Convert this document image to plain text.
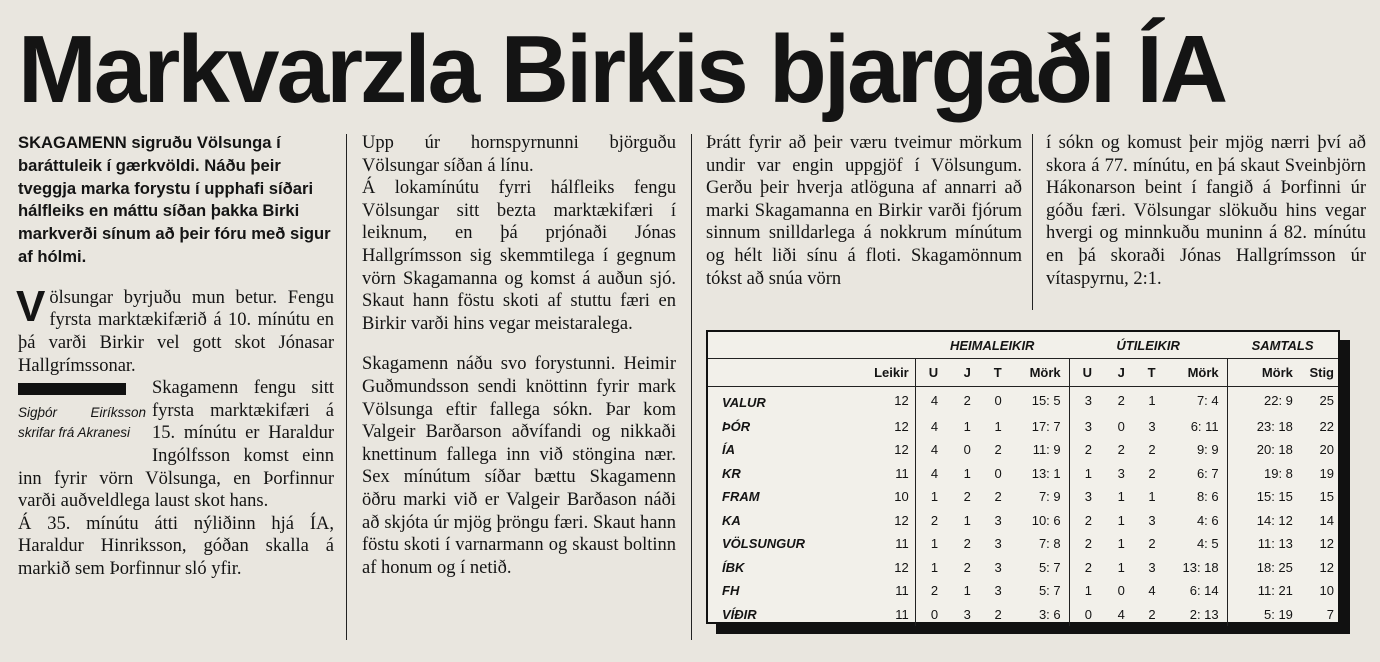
Markvarzla Birkis bjargaði ÍA

SKAGAMENN sigruðu Völsunga í baráttuleik í gærkvöldi. Náðu þeir tveggja marka forystu í upphafi síðari hálfleiks en máttu síðan þakka Birki markverði sínum að þeir fóru með sigur af hólmi.

Völsungar byrjuðu mun betur. Fengu fyrsta marktækifærið á 10. mínútu en þá varði Birkir vel gott skot Jónasar Hallgrímssonar.

Sigþór Eiríksson skrifar frá Akranesi

Skagamenn fengu sitt fyrsta marktækifæri á 15. mínútu er Haraldur Ingólfsson komst einn inn fyrir vörn Völsunga, en Þorfinnur varði auðveldlega laust skot hans.

Á 35. mínútu átti nýliðinn hjá ÍA, Haraldur Hinriksson, góðan skalla á markið sem Þorfinnur sló yfir.

Upp úr hornspyrnunni björguðu Völsungar síðan á línu.

Á lokamínútu fyrri hálfleiks fengu Völsungar sitt bezta marktækifæri í leiknum, en þá prjónaði Jónas Hallgrímsson sig skemmtilega í gegnum vörn Skagamanna og komst á auðun sjó. Skaut hann föstu skoti af stuttu færi en Birkir varði hins vegar meistaralega.

Skagamenn náðu svo forystunni. Heimir Guðmundsson sendi knöttinn fyrir mark Völsunga eftir fallega sókn. Þar kom Valgeir Barðarson aðvífandi og nikkaði knettinum fallega inn við stöngina nær. Sex mínútum síðar bættu Skagamenn öðru marki við er Valgeir Barðason náði að skjóta úr mjög þröngu færi. Skaut hann föstu skoti í varnarmann og skaust boltinn af honum og í netið.

Þrátt fyrir að þeir væru tveimur mörkum undir var engin uppgjöf í Völsungum. Gerðu þeir hverja atlöguna af annarri að marki Skagamanna en Birkir varði fjórum sinnum snilldarlega á nokkrum mínútum og hélt liði sínu á floti. Skagamönnum tókst að snúa vörn

í sókn og komust þeir mjög nærri því að skora á 77. mínútu, en þá skaut Sveinbjörn Hákonarson beint í fangið á Þorfinni úr góðu færi. Völsungar slökuðu hins vegar hvergi og minnkuðu muninn á 82. mínútu en þá skoraði Jónas Hallgrímsson úr vítaspyrnu, 2:1.

		HEIMALEIKIR				ÚTILEIKIR				SAMTALS	
	Leikir	U	J	T	Mörk	U	J	T	Mörk	Mörk	Stig
VALUR	12	4	2	0	15: 5	3	2	1	7: 4	22: 9	25
ÞÓR	12	4	1	1	17: 7	3	0	3	6: 11	23: 18	22
ÍA	12	4	0	2	11: 9	2	2	2	9: 9	20: 18	20
KR	11	4	1	0	13: 1	1	3	2	6: 7	19: 8	19
FRAM	10	1	2	2	7: 9	3	1	1	8: 6	15: 15	15
KA	12	2	1	3	10: 6	2	1	3	4: 6	14: 12	14
VÖLSUNGUR	11	1	2	3	7: 8	2	1	2	4: 5	11: 13	12
ÍBK	12	1	2	3	5: 7	2	1	3	13: 18	18: 25	12
FH	11	2	1	3	5: 7	1	0	4	6: 14	11: 21	10
VÍÐIR	11	0	3	2	3: 6	0	4	2	2: 13	5: 19	7
